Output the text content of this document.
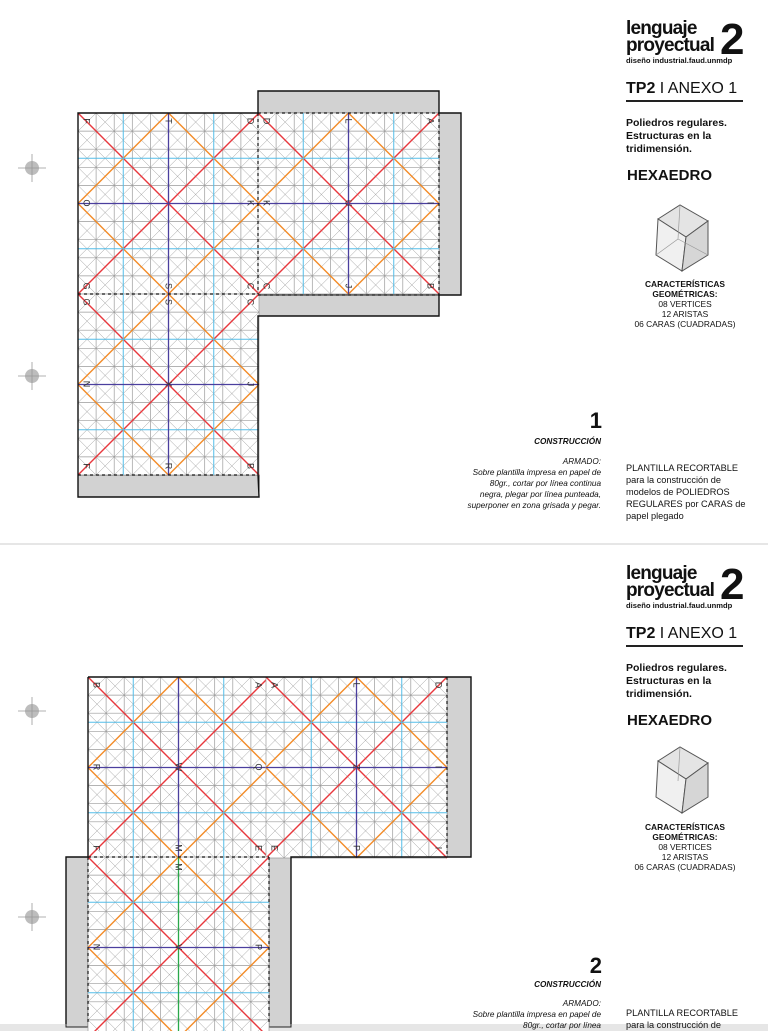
F	T	D D	L	A
O	K K	U	I
G	S	C C	J	B
G	S	C
N	X	J
F	R	B
lenguaje
proyectual 2
diseño industrial.faud.unmdp
TP2 I ANEXO 1
Poliedros regulares. Estructuras en la tridimensión.
HEXAEDRO
CARACTERÍSTICAS GEOMÉTRICAS:
08 VERTICES
12 ARISTAS
06 CARAS (CUADRADAS)
1
CONSTRUCCIÓN
ARMADO:
Sobre plantilla impresa en papel de 80gr., cortar por línea continua negra, plegar por línea punteada, superponer en zona grisada y pegar.
PLANTILLA RECORTABLE para la construcción de modelos de POLIEDROS REGULARES por CARAS de papel plegado
B	A A	L	D
R	W	Q	Z	I
F	M	E E	P	I
M
N	V	P
lenguaje
proyectual 2
diseño industrial.faud.unmdp
TP2 I ANEXO 1
Poliedros regulares. Estructuras en la tridimensión.
HEXAEDRO
CARACTERÍSTICAS GEOMÉTRICAS:
08 VERTICES
12 ARISTAS
06 CARAS (CUADRADAS)
2
CONSTRUCCIÓN
ARMADO:
Sobre plantilla impresa en papel de 80gr., cortar por línea
PLANTILLA RECORTABLE para la construcción de
